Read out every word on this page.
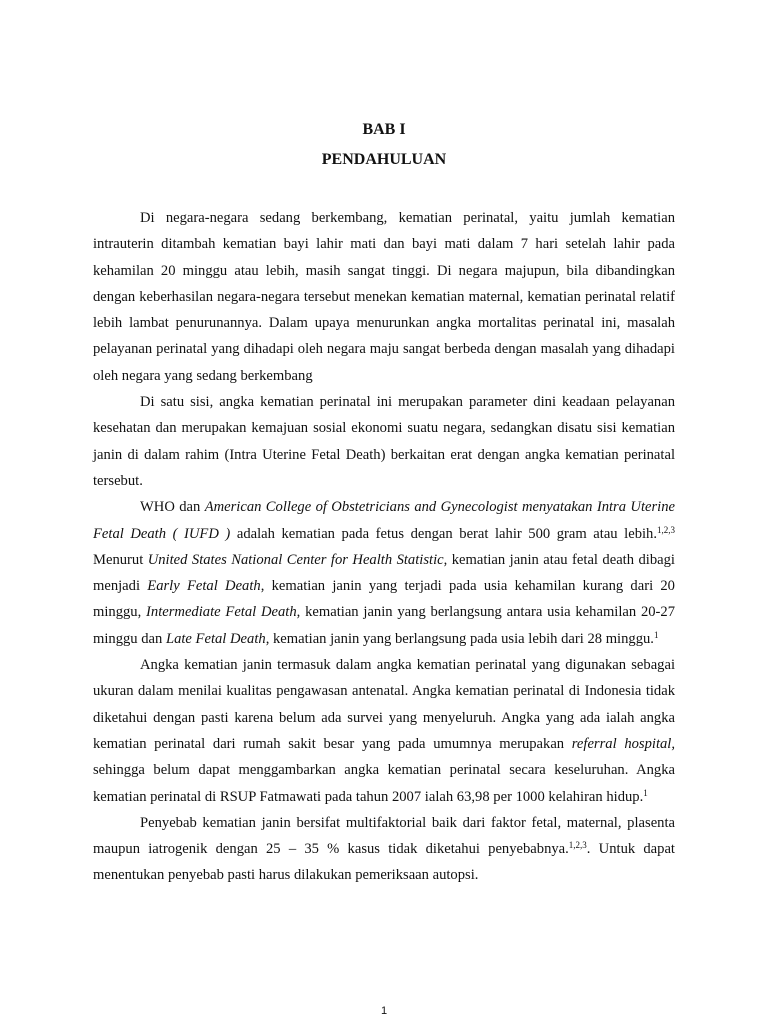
BAB I
PENDAHULUAN

Di negara-negara sedang berkembang, kematian perinatal, yaitu jumlah kematian intrauterin ditambah kematian bayi lahir mati dan bayi mati dalam 7 hari setelah lahir pada kehamilan 20 minggu atau lebih, masih sangat tinggi. Di negara majupun, bila dibandingkan dengan keberhasilan negara-negara tersebut menekan kematian maternal, kematian perinatal relatif lebih lambat penurunannya. Dalam upaya menurunkan angka mortalitas perinatal ini, masalah pelayanan perinatal yang dihadapi oleh negara maju sangat berbeda dengan masalah yang dihadapi oleh negara yang sedang berkembang

Di satu sisi, angka kematian perinatal ini merupakan parameter dini keadaan pelayanan kesehatan dan merupakan kemajuan sosial ekonomi suatu negara, sedangkan disatu sisi kematian janin di dalam rahim (Intra Uterine Fetal Death) berkaitan erat dengan angka kematian perinatal tersebut.

WHO dan American College of Obstetricians and Gynecologist menyatakan Intra Uterine Fetal Death ( IUFD ) adalah kematian pada fetus dengan berat lahir 500 gram atau lebih.$^{1,2,3}$ Menurut United States National Center for Health Statistic, kematian janin atau fetal death dibagi menjadi Early Fetal Death, kematian janin yang terjadi pada usia kehamilan kurang dari 20 minggu, Intermediate Fetal Death, kematian janin yang berlangsung antara usia kehamilan 20-27 minggu dan Late Fetal Death, kematian janin yang berlangsung pada usia lebih dari 28 minggu.$^1$

Angka kematian janin termasuk dalam angka kematian perinatal yang digunakan sebagai ukuran dalam menilai kualitas pengawasan antenatal. Angka kematian perinatal di Indonesia tidak diketahui dengan pasti karena belum ada survei yang menyeluruh. Angka yang ada ialah angka kematian perinatal dari rumah sakit besar yang pada umumnya merupakan referral hospital, sehingga belum dapat menggambarkan angka kematian perinatal secara keseluruhan. Angka kematian perinatal di RSUP Fatmawati pada tahun 2007 ialah 63,98 per 1000 kelahiran hidup.$^1$

Penyebab kematian janin bersifat multifaktorial baik dari faktor fetal, maternal, plasenta maupun iatrogenik dengan 25 – 35 % kasus tidak diketahui penyebabnya.$^{1,2,3}$. Untuk dapat menentukan penyebab pasti harus dilakukan pemeriksaan autopsi.

1
